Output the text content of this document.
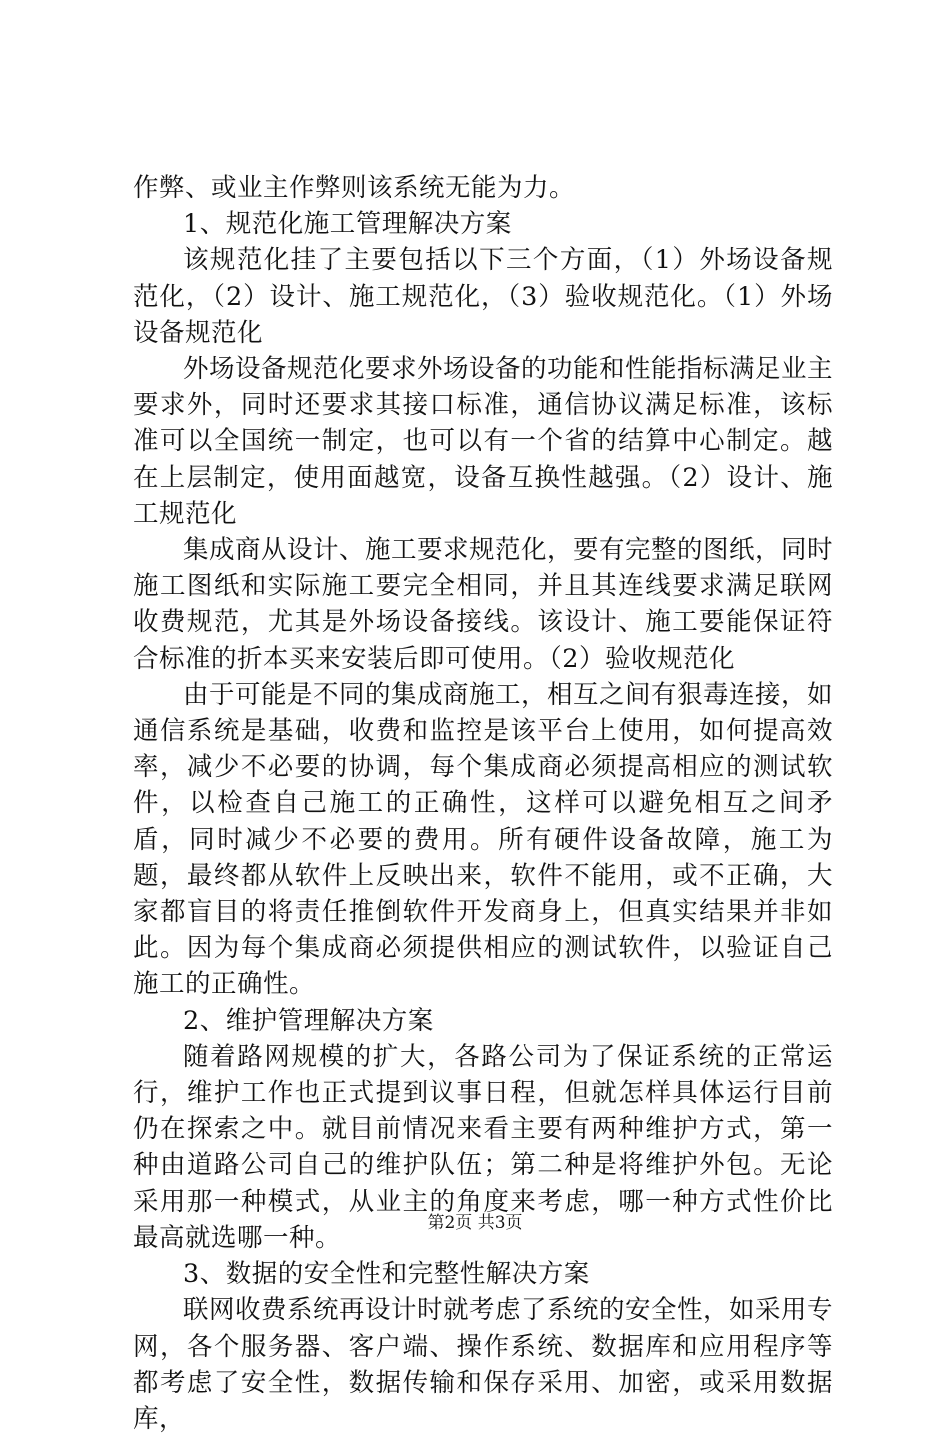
作弊、或业主作弊则该系统无能为力。

1、规范化施工管理解决方案

该规范化挂了主要包括以下三个方面，（1）外场设备规范化，（2）设计、施工规范化，（3）验收规范化。（1）外场设备规范化

外场设备规范化要求外场设备的功能和性能指标满足业主要求外，同时还要求其接口标准，通信协议满足标准，该标准可以全国统一制定，也可以有一个省的结算中心制定。越在上层制定，使用面越宽，设备互换性越强。（2）设计、施工规范化

集成商从设计、施工要求规范化，要有完整的图纸，同时施工图纸和实际施工要完全相同，并且其连线要求满足联网收费规范，尤其是外场设备接线。该设计、施工要能保证符合标准的折本买来安装后即可使用。（2）验收规范化

由于可能是不同的集成商施工，相互之间有狠毒连接，如通信系统是基础，收费和监控是该平台上使用，如何提高效率，减少不必要的协调，每个集成商必须提高相应的测试软件，以检查自己施工的正确性，这样可以避免相互之间矛盾，同时减少不必要的费用。所有硬件设备故障，施工为题，最终都从软件上反映出来，软件不能用，或不正确，大家都盲目的将责任推倒软件开发商身上，但真实结果并非如此。因为每个集成商必须提供相应的测试软件，以验证自己施工的正确性。

2、维护管理解决方案

随着路网规模的扩大，各路公司为了保证系统的正常运行，维护工作也正式提到议事日程，但就怎样具体运行目前仍在探索之中。就目前情况来看主要有两种维护方式，第一种由道路公司自己的维护队伍；第二种是将维护外包。无论采用那一种模式，从业主的角度来考虑，哪一种方式性价比最高就选哪一种。

3、数据的安全性和完整性解决方案

联网收费系统再设计时就考虑了系统的安全性，如采用专网，各个服务器、客户端、操作系统、数据库和应用程序等都考虑了安全性，数据传输和保存采用、加密，或采用数据库，

第2页 共3页
